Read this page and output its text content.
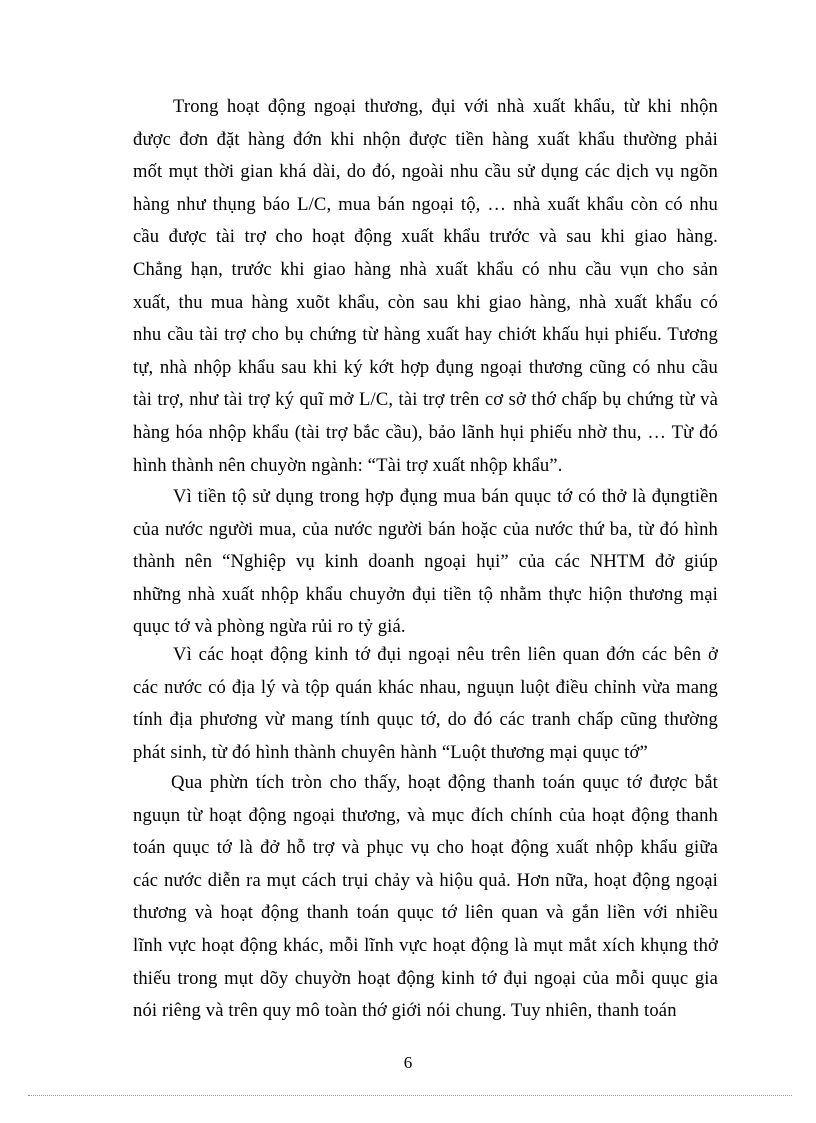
Trong hoạt động ngoại thương, đụi với nhà xuất khẩu, từ khi nhộn
được đơn đặt hàng đớn khi nhộn được tiền hàng xuất khẩu thường phải
mốt mụt thời gian khá dài, do đó, ngoài nhu cầu sử dụng các dịch vụ ngõn
hàng như thụng báo L/C, mua bán ngoại tộ, … nhà xuất khẩu còn có nhu
cầu được tài trợ cho hoạt động xuất khẩu trước và sau khi giao hàng.
Chẳng hạn, trước khi giao hàng nhà xuất khẩu có nhu cầu vụn cho sản
xuất, thu mua hàng xuõt khẩu, còn sau khi giao hàng, nhà xuất khẩu có
nhu cầu tài trợ cho bụ chứng từ hàng xuất hay chiớt khấu hụi phiếu. Tương
tự, nhà nhộp khẩu sau khi ký kớt hợp đụng ngoại thương cũng có nhu cầu
tài trợ, như tài trợ ký quĩ mở L/C, tài trợ trên cơ sở thớ chấp bụ chứng từ và
hàng hóa nhộp khẩu (tài trợ bắc cầu), bảo lãnh hụi phiếu nhờ thu, … Từ đó
hình thành nên chuyờn ngành: “Tài trợ xuất nhộp khẩu”.
Vì tiền tộ sử dụng trong hợp đụng mua bán quục tớ có thở là đụngtiền
của nước người mua, của nước người bán hoặc của nước thứ ba, từ đó hình
thành nên “Nghiệp vụ kinh doanh ngoại hụi” của các NHTM đở giúp
những nhà xuất nhộp khẩu chuyởn đụi tiền tộ nhằm thực hiộn thương mại
quục tớ và phòng ngừa rủi ro tỷ giá.
Vì các hoạt động kinh tớ đụi ngoại nêu trên liên quan đớn các bên ở
các nước có địa lý và tộp quán khác nhau, nguụn luột điều chỉnh vừa mang
tính địa phương vừ mang tính quục tớ, do đó các tranh chấp cũng thường
phát sinh, từ đó hình thành chuyên hành “Luột thương mại quục tớ”
Qua phừn tích tròn cho thấy, hoạt động thanh toán quục tớ được bắt
nguụn từ hoạt động ngoại thương, và mục đích chính của hoạt động thanh
toán quục tớ là đở hỗ trợ và phục vụ cho hoạt động xuất nhộp khẩu giữa
các nước diễn ra mụt cách trụi chảy và hiộu quả. Hơn nữa, hoạt động ngoại
thương và hoạt động thanh toán quục tớ liên quan và gắn liền với nhiều
lĩnh vực hoạt động khác, mỗi lĩnh vực hoạt động là mụt mắt xích khụng thở
thiếu trong mụt dõy chuyờn hoạt động kinh tớ đụi ngoại của mỗi quục gia
nói riêng và trên quy mô toàn thớ giới nói chung. Tuy nhiên, thanh toán
6
